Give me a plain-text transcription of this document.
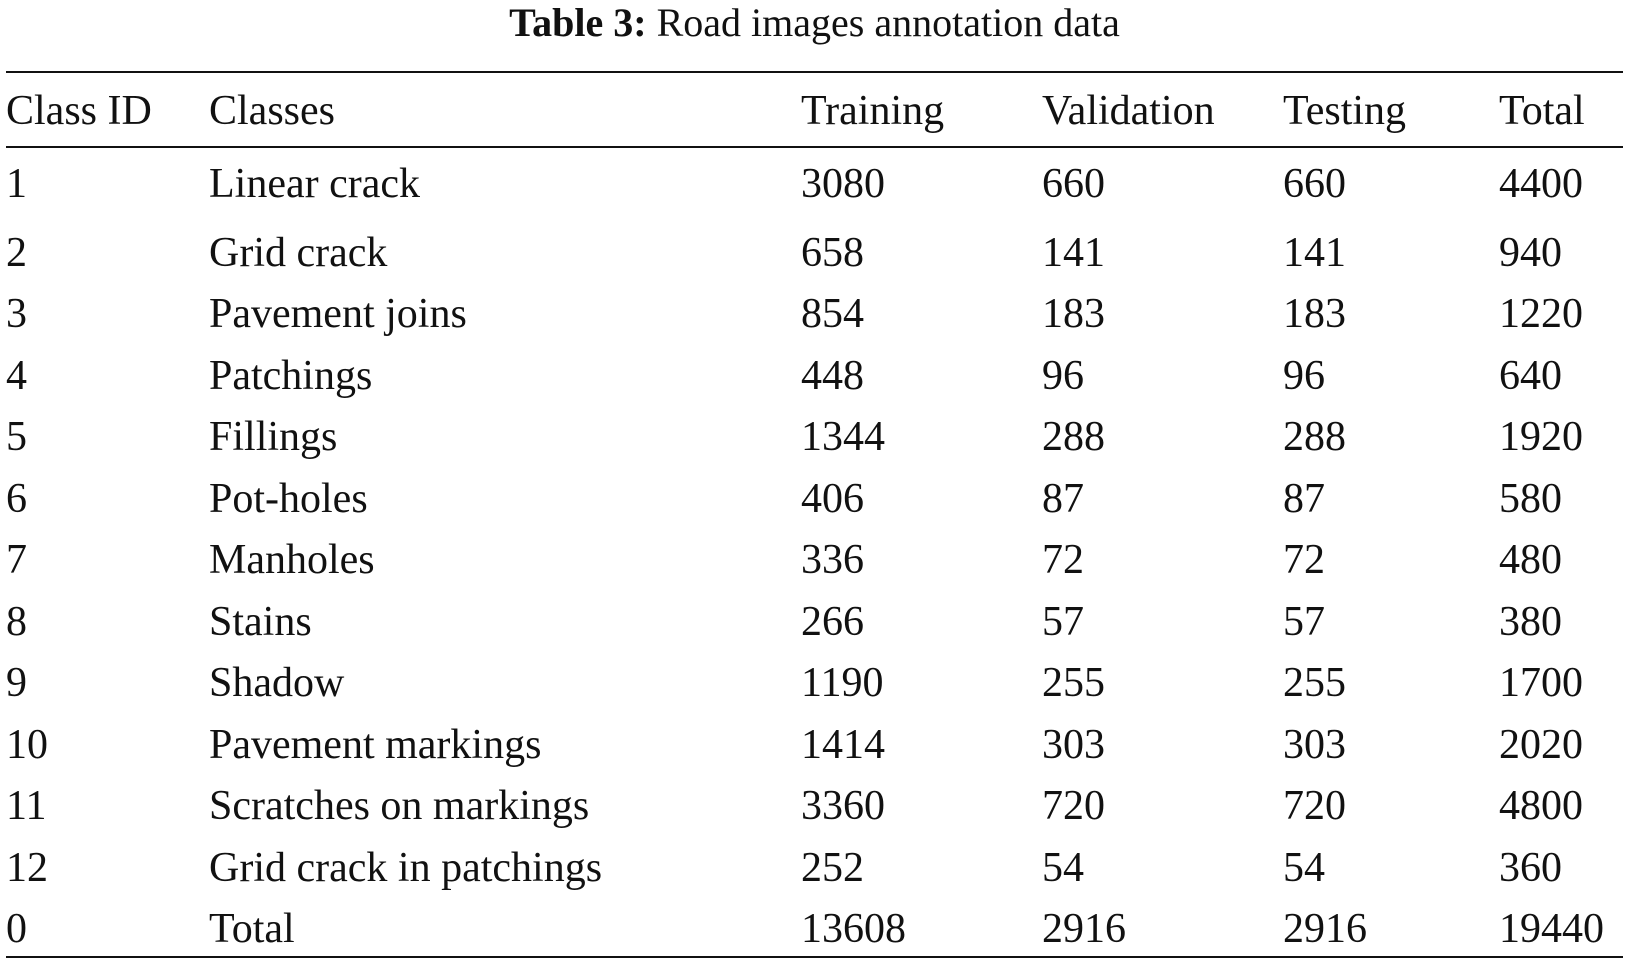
Table 3: Road images annotation data
Class ID	Classes	Training	Validation	Testing	Total
1	Linear crack	3080	660	660	4400
2	Grid crack	658	141	141	940
3	Pavement joins	854	183	183	1220
4	Patchings	448	96	96	640
5	Fillings	1344	288	288	1920
6	Pot-holes	406	87	87	580
7	Manholes	336	72	72	480
8	Stains	266	57	57	380
9	Shadow	1190	255	255	1700
10	Pavement markings	1414	303	303	2020
11	Scratches on markings	3360	720	720	4800
12	Grid crack in patchings	252	54	54	360
0	Total	13608	2916	2916	19440
